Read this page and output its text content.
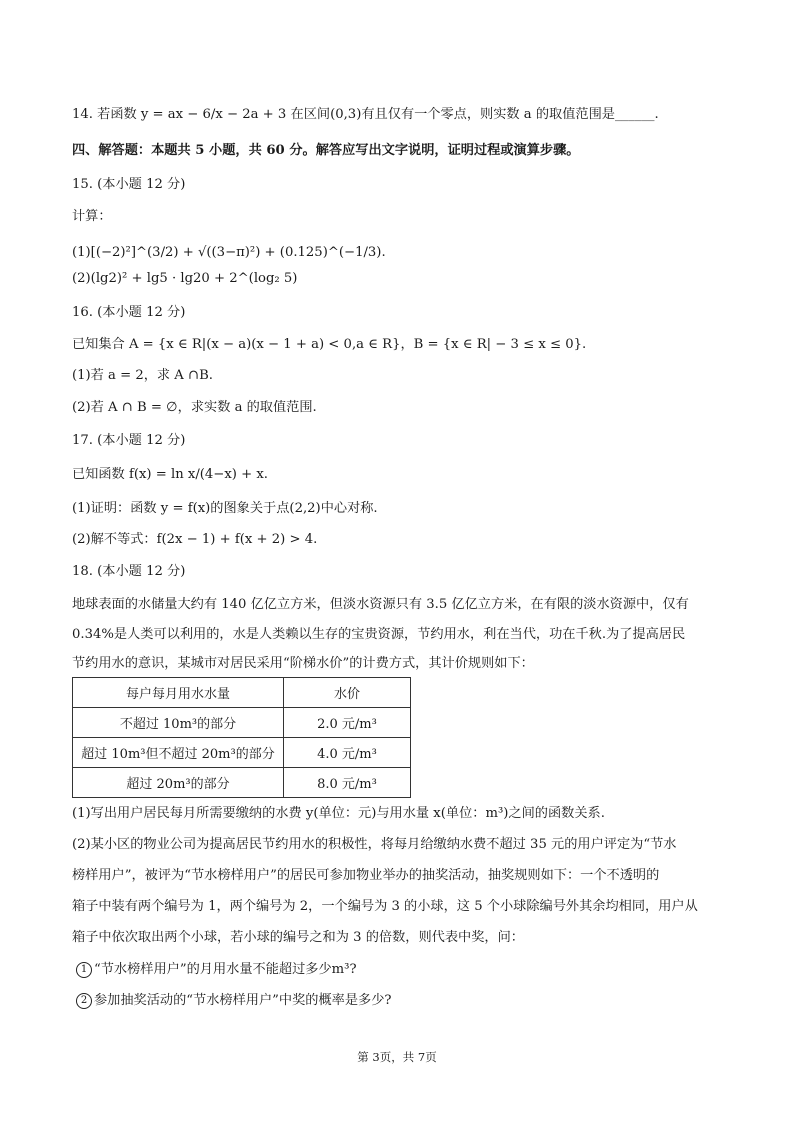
14. 若函数 y = ax − 6/x − 2a + 3 在区间(0,3)有且仅有一个零点，则实数 a 的取值范围是______.
四、解答题：本题共 5 小题，共 60 分。解答应写出文字说明，证明过程或演算步骤。
15. (本小题 12 分)
计算：
(1)[(−2)²]^(3/2) + √((3−π)²) + (0.125)^(−1/3).
(2)(lg2)² + lg5 · lg20 + 2^(log₂ 5)
16. (本小题 12 分)
已知集合 A = {x ∈ R|(x − a)(x − 1 + a) < 0,a ∈ R}，B = {x ∈ R| − 3 ≤ x ≤ 0}.
(1)若 a = 2，求 A ∩B.
(2)若 A ∩ B = ∅，求实数 a 的取值范围.
17. (本小题 12 分)
已知函数 f(x) = ln x/(4−x) + x.
(1)证明：函数 y = f(x)的图象关于点(2,2)中心对称.
(2)解不等式：f(2x − 1) + f(x + 2) > 4.
18. (本小题 12 分)
地球表面的水储量大约有 140 亿亿立方米，但淡水资源只有 3.5 亿亿立方米，在有限的淡水资源中，仅有
0.34%是人类可以利用的，水是人类赖以生存的宝贵资源，节约用水，利在当代，功在千秋.为了提高居民
节约用水的意识，某城市对居民采用“阶梯水价”的计费方式，其计价规则如下：
每户每月用水水量	水价
不超过 10m³的部分	2.0 元/m³
超过 10m³但不超过 20m³的部分	4.0 元/m³
超过 20m³的部分	8.0 元/m³
(1)写出用户居民每月所需要缴纳的水费 y(单位：元)与用水量 x(单位：m³)之间的函数关系.
(2)某小区的物业公司为提高居民节约用水的积极性，将每月给缴纳水费不超过 35 元的用户评定为“节水
榜样用户”，被评为“节水榜样用户”的居民可参加物业举办的抽奖活动，抽奖规则如下：一个不透明的
箱子中装有两个编号为 1，两个编号为 2，一个编号为 3 的小球，这 5 个小球除编号外其余均相同，用户从
箱子中依次取出两个小球，若小球的编号之和为 3 的倍数，则代表中奖，问：
1 “节水榜样用户”的月用水量不能超过多少m³?
2 参加抽奖活动的“节水榜样用户”中奖的概率是多少?
第 3页，共 7页
